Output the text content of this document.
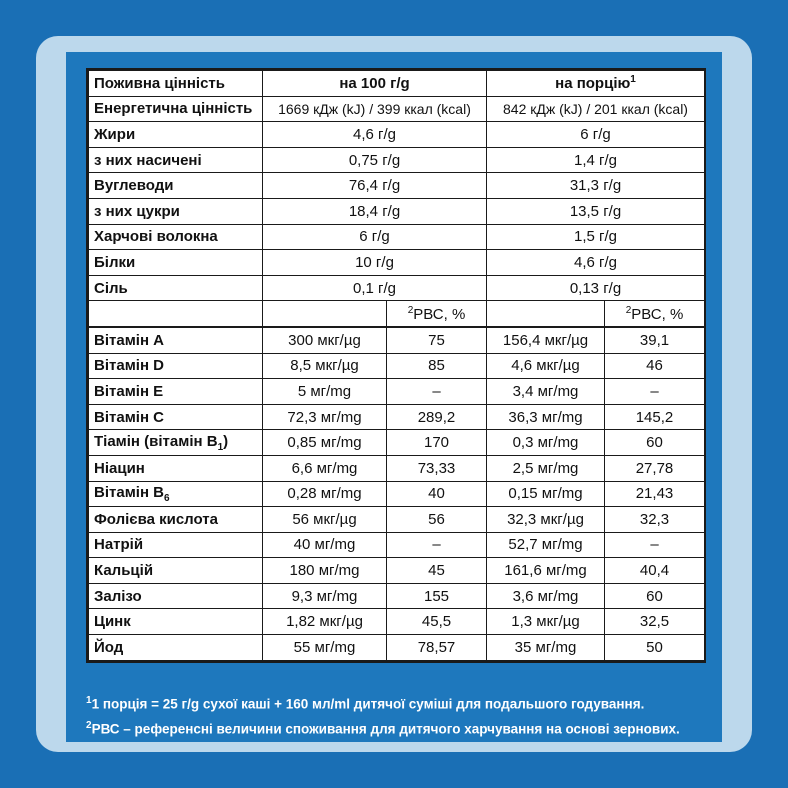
Поживна цінність	на 100 г/g		на порцію$^1$
Енергетична цінність	1669 кДж (kJ) / 399 ккал (kcal)		842 кДж (kJ) / 201 ккал (kcal)	
Жири	4,6 г/g		6 г/g	
з них насичені	0,75 г/g		1,4 г/g	
Вуглеводи	76,4 г/g		31,3 г/g	
з них цукри	18,4 г/g		13,5 г/g	
Харчові волокна	6 г/g		1,5 г/g	
Білки	10 г/g		4,6 г/g	
Сіль	0,1 г/g		0,13 г/g	
		$^2$РВС, %		$^2$РВС, %
Вітамін А	300 мкг/µg	75	156,4 мкг/µg	39,1
Вітамін D	8,5 мкг/µg	85	4,6 мкг/µg	46
Вітамін Е	5 мг/mg	–	3,4 мг/mg	–
Вітамін С	72,3 мг/mg	289,2	36,3 мг/mg	145,2
Тіамін (вітамін $В_1$)	0,85 мг/mg	170	0,3 мг/mg	60
Ніацин	6,6 мг/mg	73,33	2,5 мг/mg	27,78
Вітамін $В_6$	0,28 мг/mg	40	0,15 мг/mg	21,43
Фолієва кислота	56 мкг/µg	56	32,3 мкг/µg	32,3
Натрій	40 мг/mg	–	52,7 мг/mg	–
Кальцій	180 мг/mg	45	161,6 мг/mg	40,4
Залізо	9,3 мг/mg	155	3,6 мг/mg	60
Цинк	1,82 мкг/µg	45,5	1,3 мкг/µg	32,5
Йод	55 мг/mg	78,57	35 мг/mg	50
$^1$1 порція = 25 г/g сухої каші + 160 мл/ml дитячої суміші для подальшого годування.
$^2$РВС – референсні величини споживання для дитячого харчування на основі зернових.
